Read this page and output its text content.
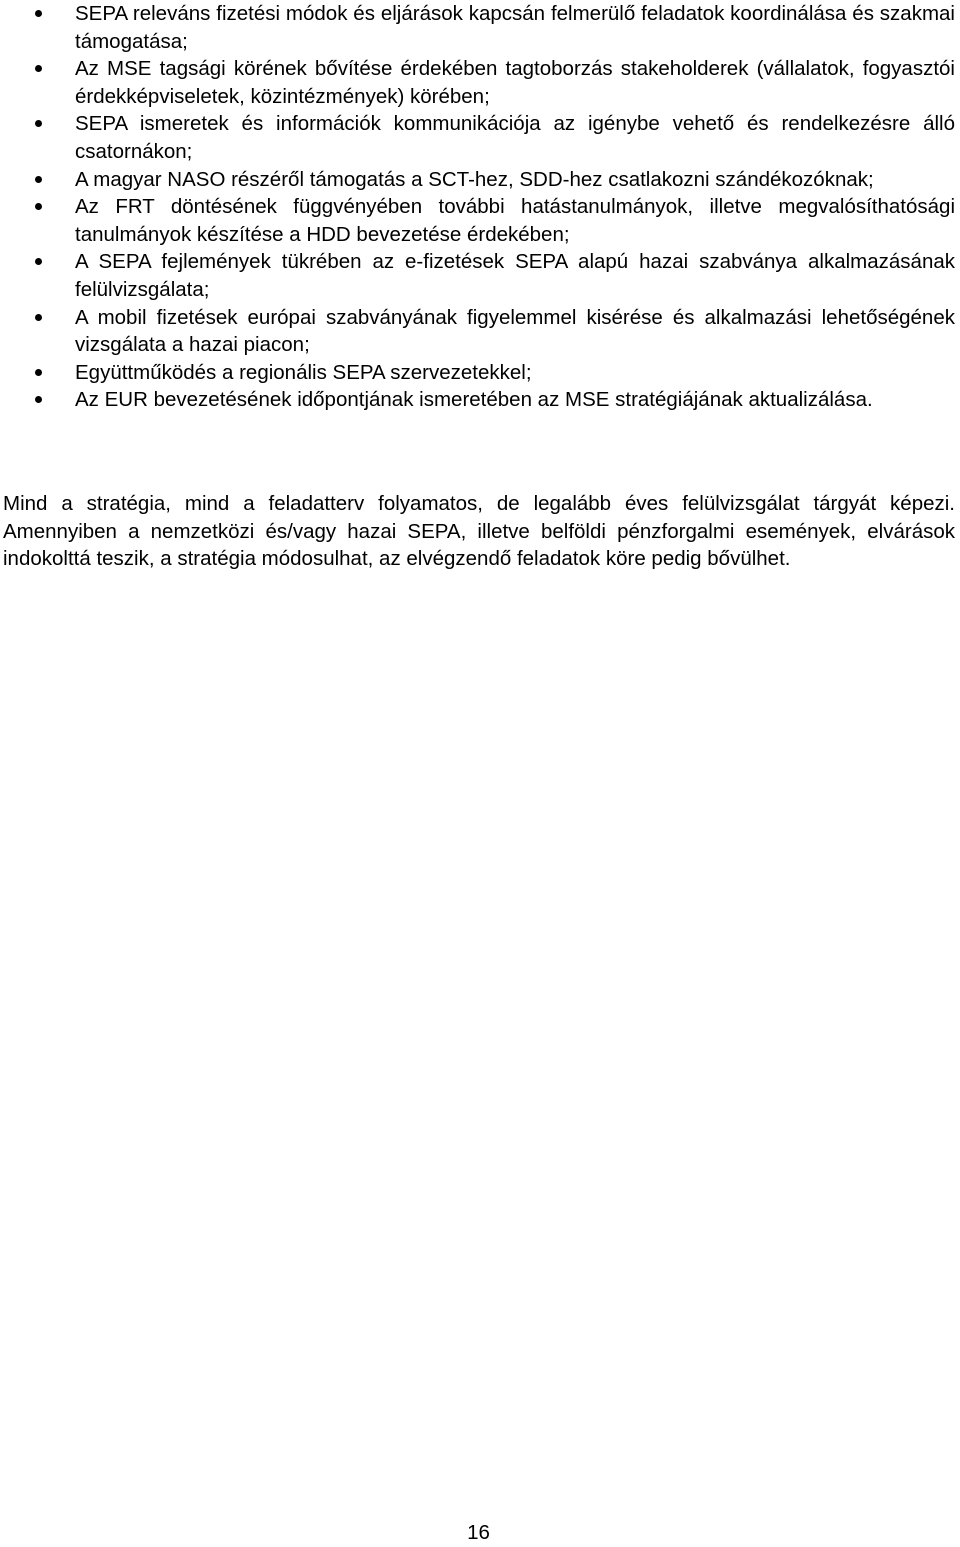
SEPA releváns fizetési módok és eljárások kapcsán felmerülő feladatok koordinálása és szakmai támogatása;
Az MSE tagsági körének bővítése érdekében tagtoborzás stakeholderek (vállalatok, fogyasztói érdekképviseletek, közintézmények) körében;
SEPA ismeretek és információk kommunikációja az igénybe vehető és rendelkezésre álló csatornákon;
A magyar NASO részéről támogatás a SCT-hez, SDD-hez csatlakozni szándékozóknak;
Az FRT döntésének függvényében további hatástanulmányok, illetve megvalósíthatósági tanulmányok készítése a HDD bevezetése érdekében;
A SEPA fejlemények tükrében az e-fizetések SEPA alapú hazai szabványa alkalmazásának felülvizsgálata;
A mobil fizetések európai szabványának figyelemmel kisérése és alkalmazási lehetőségének vizsgálata a hazai piacon;
Együttműködés a regionális SEPA szervezetekkel;
Az EUR bevezetésének időpontjának ismeretében az MSE stratégiájának aktualizálása.

Mind a stratégia, mind a feladatterv folyamatos, de legalább éves felülvizsgálat tárgyát képezi. Amennyiben a nemzetközi és/vagy hazai SEPA, illetve belföldi pénzforgalmi események, elvárások indokolttá teszik, a stratégia módosulhat, az elvégzendő feladatok köre pedig bővülhet.

16
